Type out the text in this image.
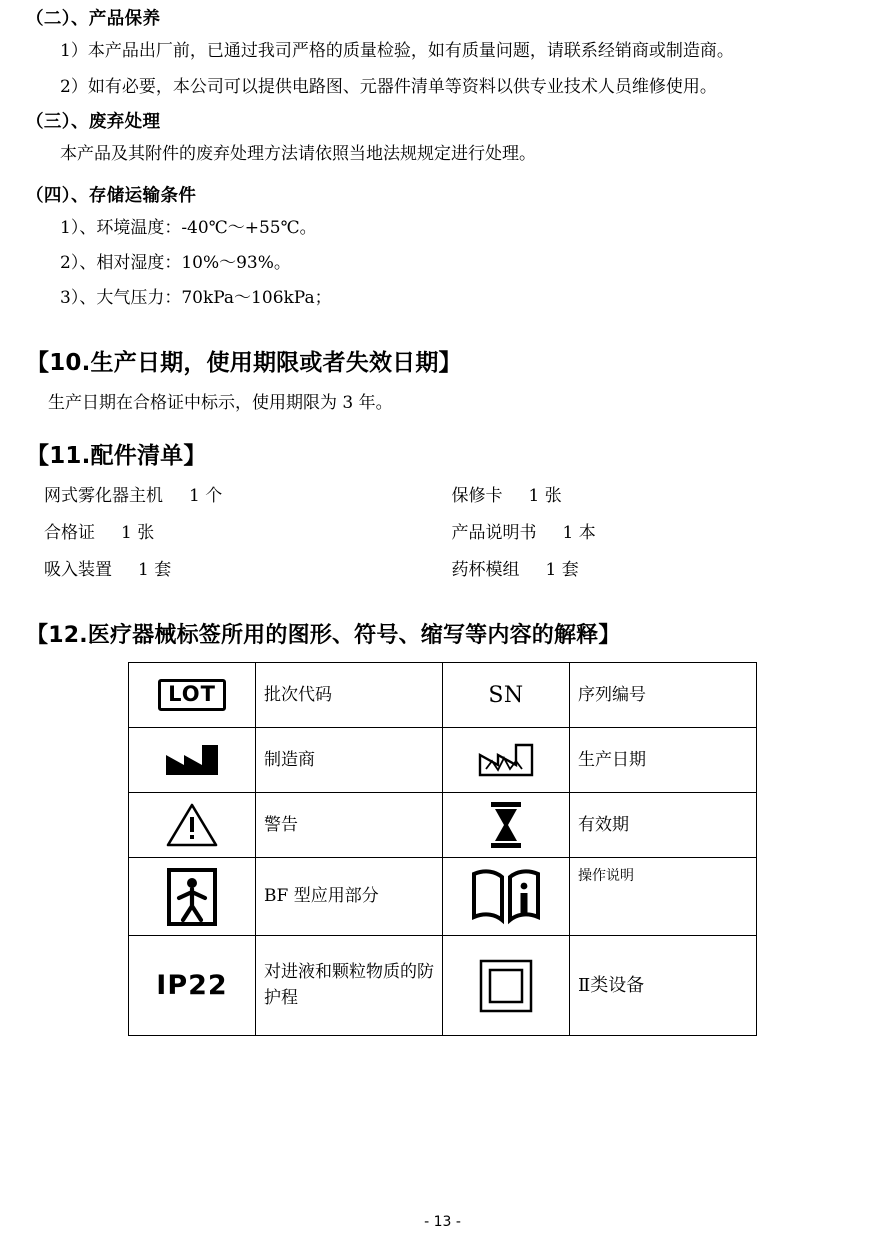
（二）、产品保养
1）本产品出厂前，已通过我司严格的质量检验，如有质量问题，请联系经销商或制造商。
2）如有必要，本公司可以提供电路图、元器件清单等资料以供专业技术人员维修使用。
（三）、废弃处理
本产品及其附件的废弃处理方法请依照当地法规规定进行处理。
（四）、存储运输条件
1）、环境温度：-40℃～+55℃。
2）、相对湿度：10%～93%。
3）、大气压力：70kPa～106kPa；
【10.生产日期，使用期限或者失效日期】
生产日期在合格证中标示，使用期限为 3 年。
【11.配件清单】
网式雾化器主机	1 个	保修卡	1 张
合格证	1 张	产品说明书	1 本
吸入装置	1 套	药杯模组	1 套
【12.医疗器械标签所用的图形、符号、缩写等内容的解释】
LOT	批次代码	SN	序列编号
	制造商		生产日期
	警告		有效期
	BF 型应用部分		操作说明
IP22	对进液和颗粒物质的防护程		Ⅱ类设备
- 13 -
